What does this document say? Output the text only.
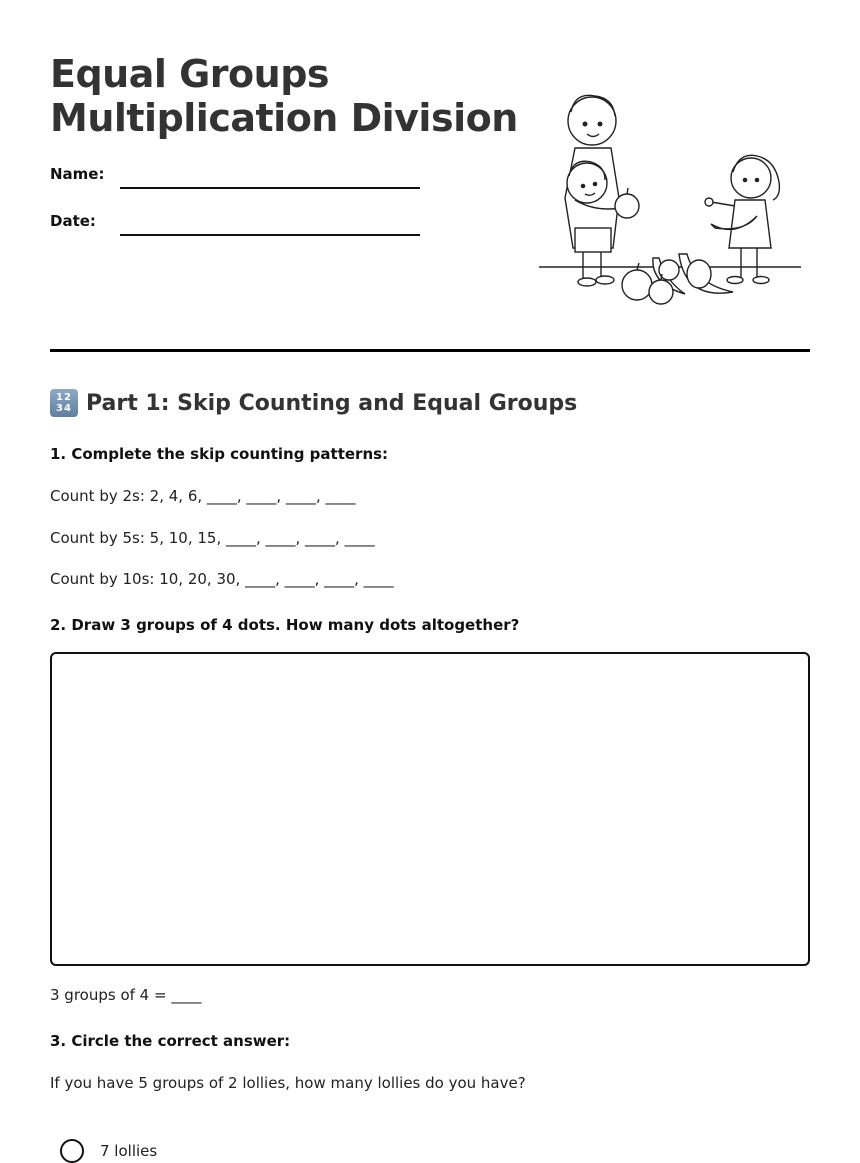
Equal Groups
Multiplication Division
Name:
Date:
12
34 Part 1: Skip Counting and Equal Groups

1. Complete the skip counting patterns:

Count by 2s: 2, 4, 6, ____, ____, ____, ____

Count by 5s: 5, 10, 15, ____, ____, ____, ____

Count by 10s: 10, 20, 30, ____, ____, ____, ____

2. Draw 3 groups of 4 dots. How many dots altogether?

3 groups of 4 = ____

3. Circle the correct answer:

If you have 5 groups of 2 lollies, how many lollies do you have?

7 lollies
